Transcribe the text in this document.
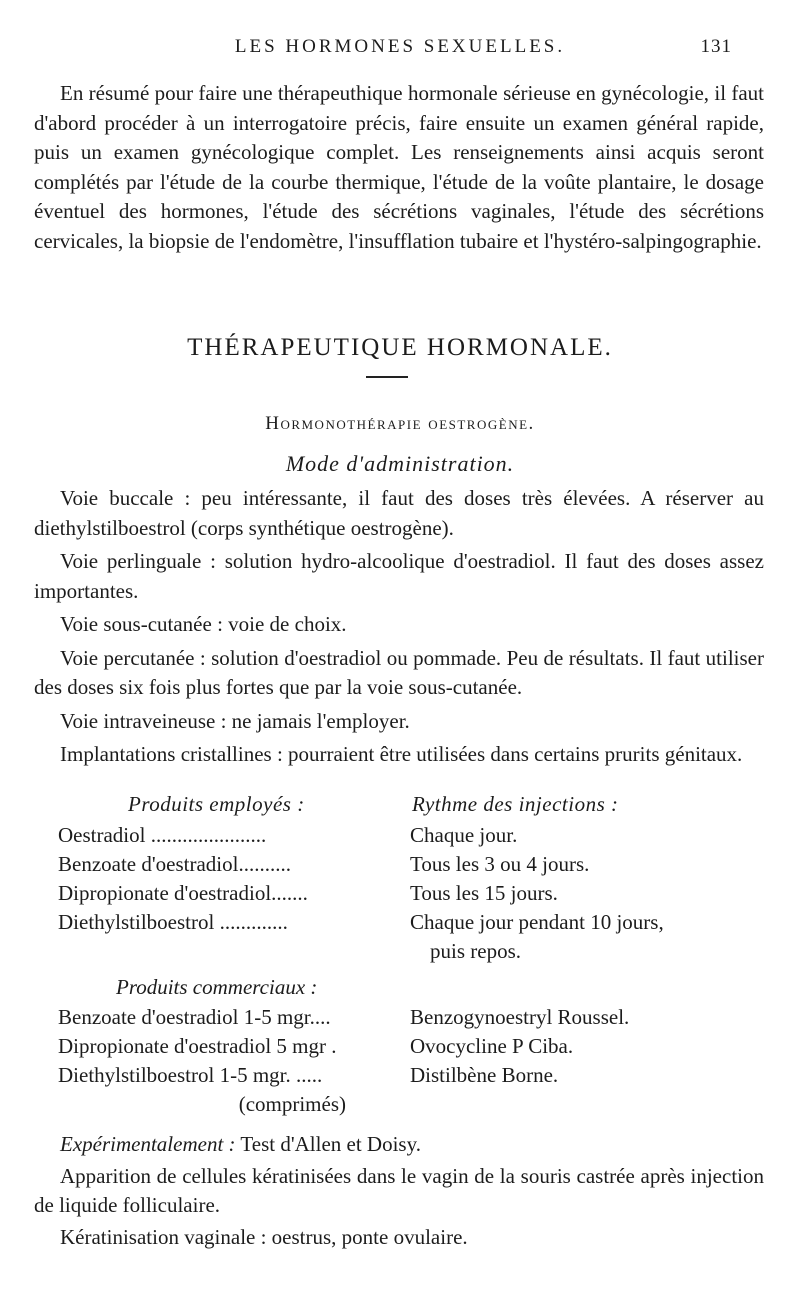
LES HORMONES SEXUELLES.	131

En résumé pour faire une thérapeuthique hormonale sérieuse en gynécologie, il faut d'abord procéder à un interrogatoire précis, faire ensuite un examen général rapide, puis un examen gynécologique complet. Les renseignements ainsi acquis seront complétés par l'étude de la courbe thermique, l'étude de la voûte plantaire, le dosage éventuel des hormones, l'étude des sécrétions vaginales, l'étude des sécrétions cervicales, la biopsie de l'endomètre, l'insufflation tubaire et l'hystéro-salpingographie.

THÉRAPEUTIQUE HORMONALE.
Hormonothérapie oestrogène.
Mode d'administration.

Voie buccale : peu intéressante, il faut des doses très élevées. A réserver au diethylstilboestrol (corps synthétique oestrogène).

Voie perlinguale : solution hydro-alcoolique d'oestradiol. Il faut des doses assez importantes.

Voie sous-cutanée : voie de choix.

Voie percutanée : solution d'oestradiol ou pommade. Peu de résultats. Il faut utiliser des doses six fois plus fortes que par la voie sous-cutanée.

Voie intraveineuse : ne jamais l'employer.

Implantations cristallines : pourraient être utilisées dans certains prurits génitaux.

Produits employés :	Rythme des injections :
Oestradiol ......................	Chaque jour.
Benzoate d'oestradiol..........	Tous les 3 ou 4 jours.
Dipropionate d'oestradiol.......	Tous les 15 jours.
Diethylstilboestrol .............	Chaque jour pendant 10 jours,
puis repos.
Produits commerciaux :
Benzoate d'oestradiol 1-5 mgr....	Benzogynoestryl Roussel.
Dipropionate d'oestradiol 5 mgr .	Ovocycline P Ciba.
Diethylstilboestrol 1-5 mgr. .....	Distilbène Borne.
(comprimés)

Expérimentalement : Test d'Allen et Doisy.

Apparition de cellules kératinisées dans le vagin de la souris castrée après injection de liquide folliculaire.

Kératinisation vaginale : oestrus, ponte ovulaire.
